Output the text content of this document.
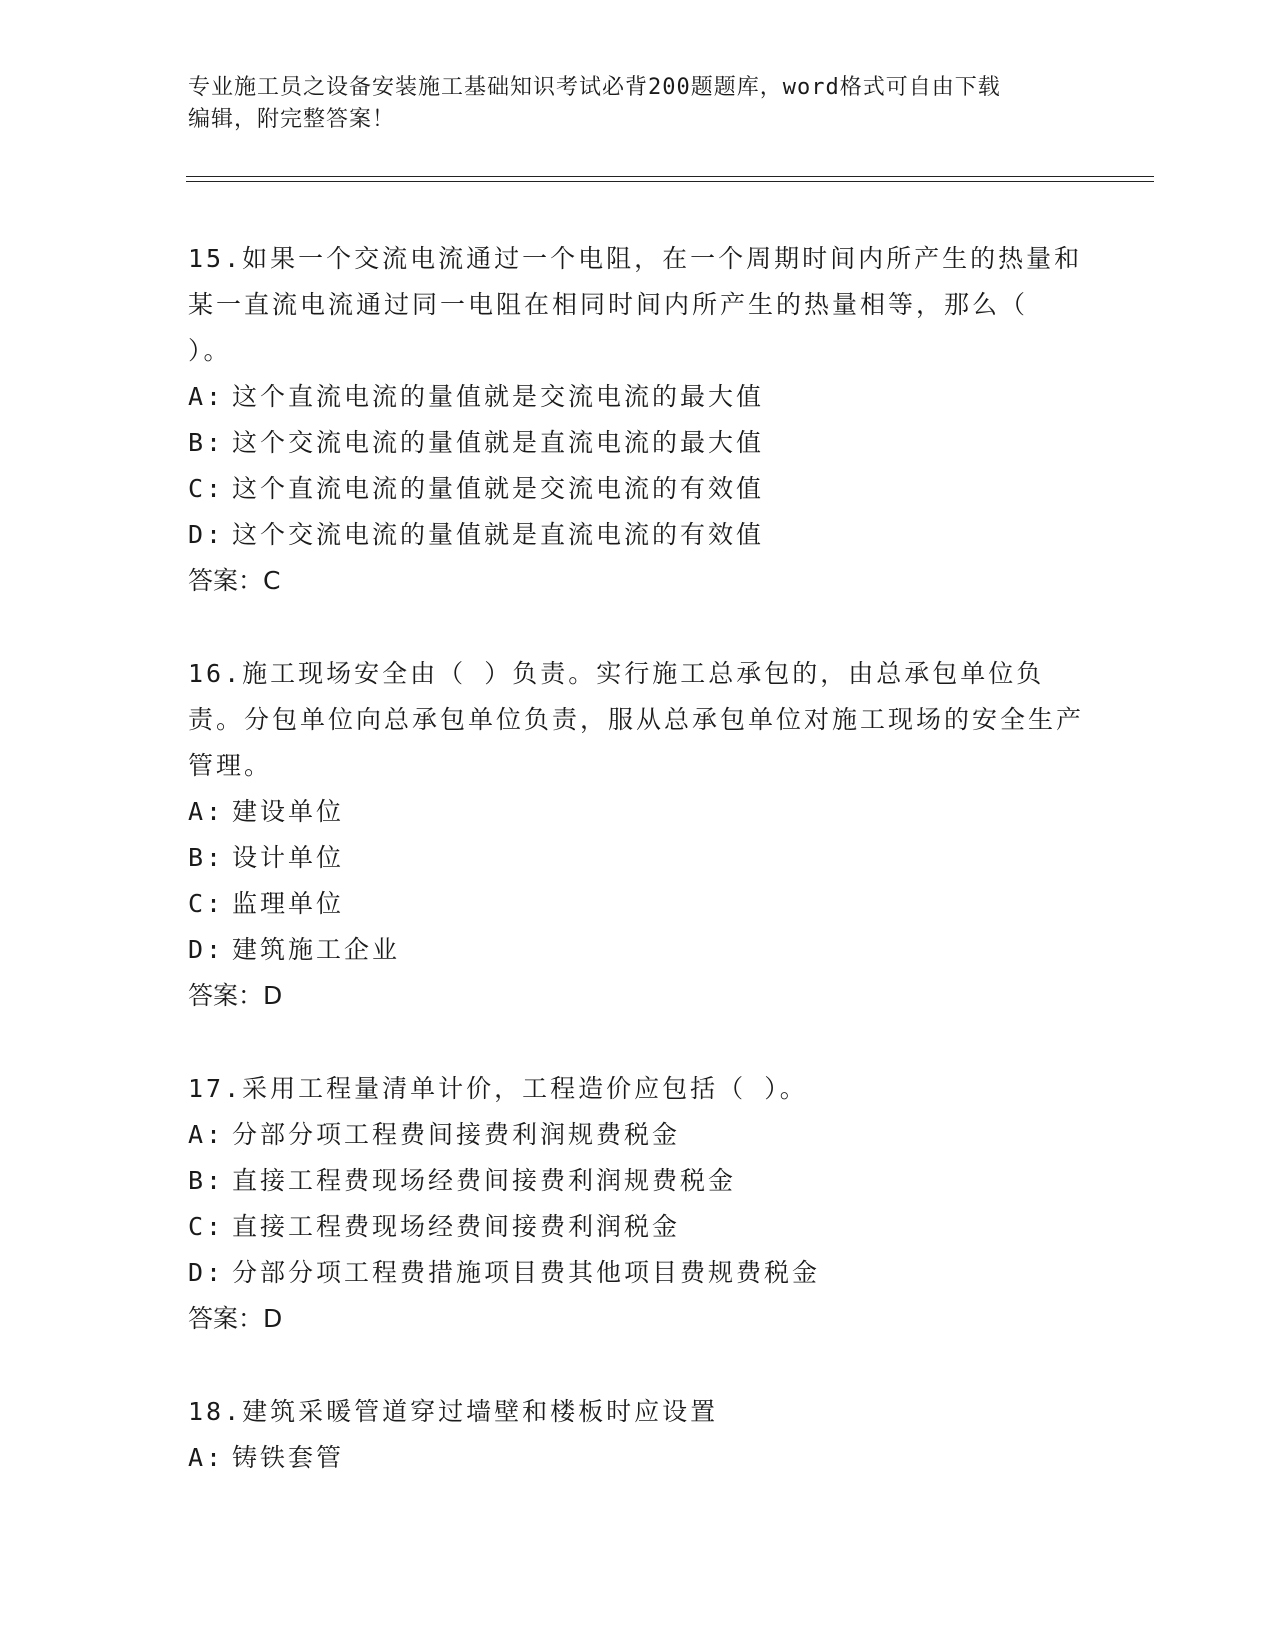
专业施工员之设备安装施工基础知识考试必背200题题库，word格式可自由下载
编辑，附完整答案！
15.如果一个交流电流通过一个电阻，在一个周期时间内所产生的热量和某一直流电流通过同一电阻在相同时间内所产生的热量相等，那么（ ）。
A: 这个直流电流的量值就是交流电流的最大值
B: 这个交流电流的量值就是直流电流的最大值
C: 这个直流电流的量值就是交流电流的有效值
D: 这个交流电流的量值就是直流电流的有效值
答案：C
16.施工现场安全由（ ）负责。实行施工总承包的，由总承包单位负责。分包单位向总承包单位负责，服从总承包单位对施工现场的安全生产管理。
A: 建设单位
B: 设计单位
C: 监理单位
D: 建筑施工企业
答案：D
17.采用工程量清单计价，工程造价应包括（ ）。
A: 分部分项工程费间接费利润规费税金
B: 直接工程费现场经费间接费利润规费税金
C: 直接工程费现场经费间接费利润税金
D: 分部分项工程费措施项目费其他项目费规费税金
答案：D
18.建筑采暖管道穿过墙壁和楼板时应设置
A: 铸铁套管
